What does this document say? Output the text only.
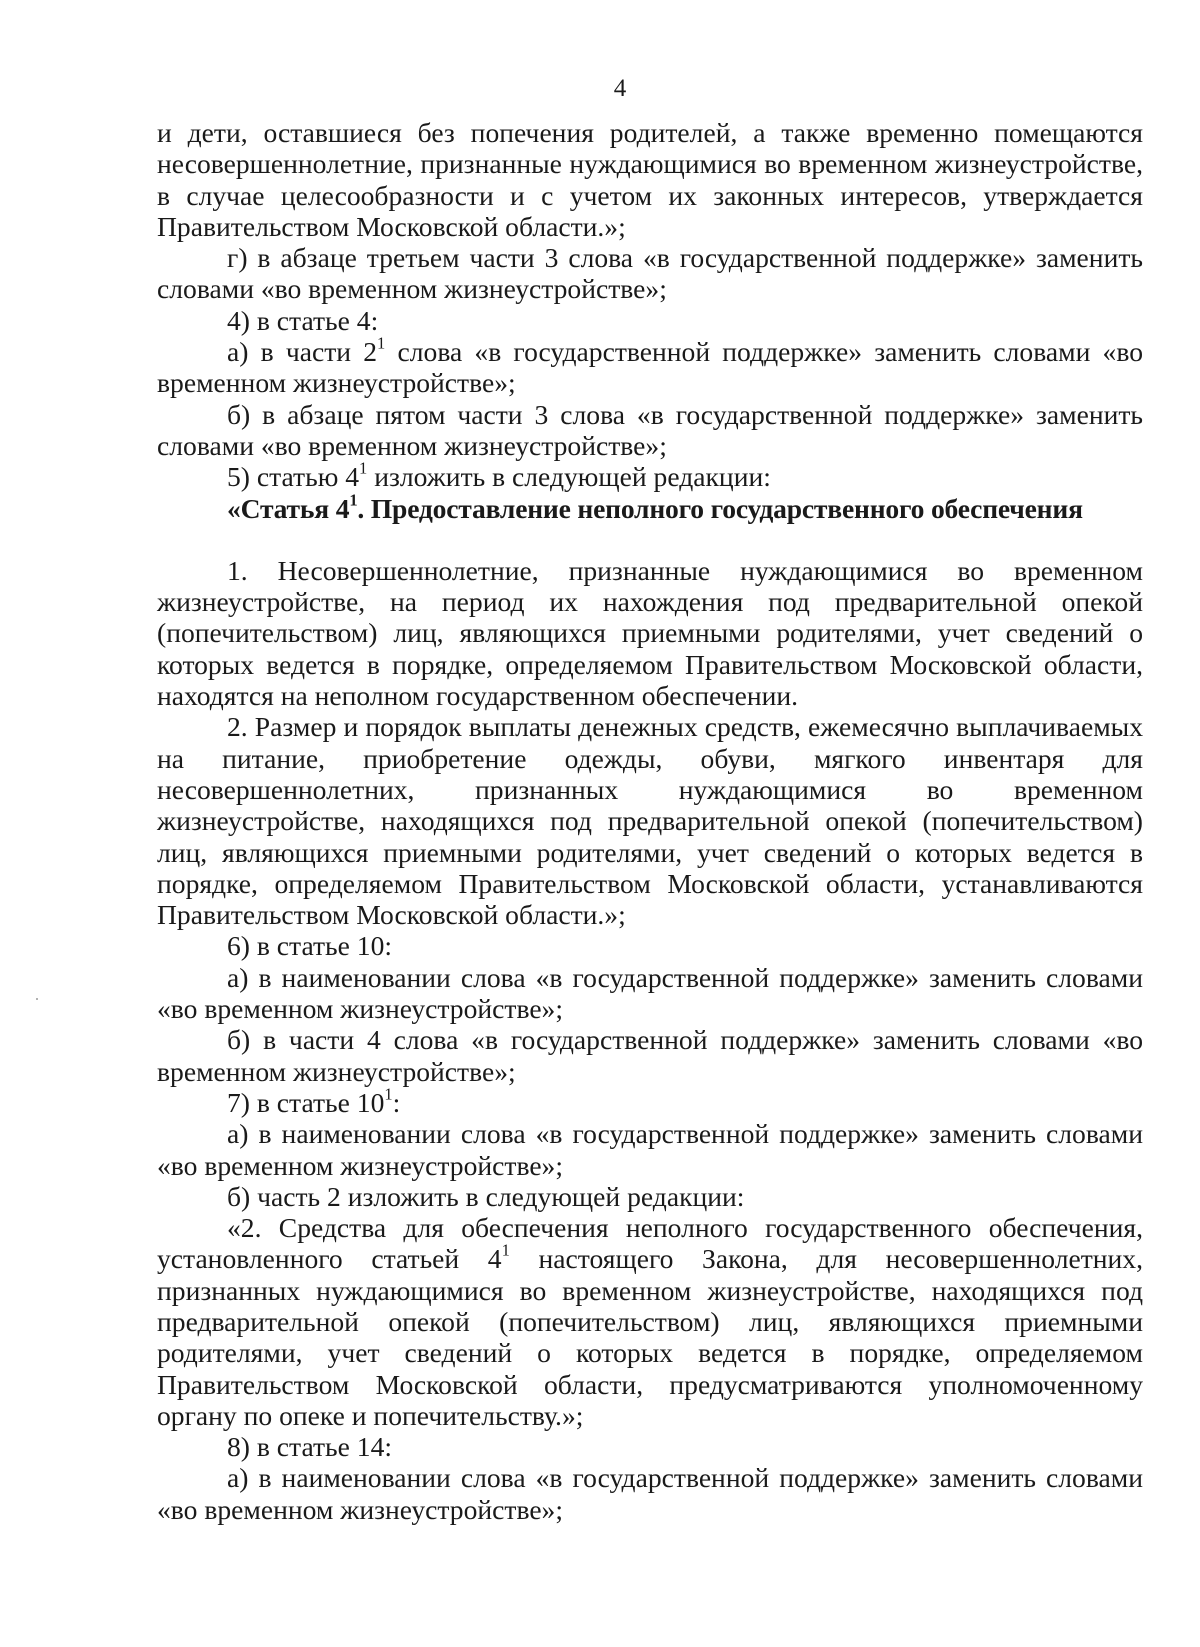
4

и дети, оставшиеся без попечения родителей, а также временно помещаются несовершеннолетние, признанные нуждающимися во временном жизнеустройстве, в случае целесообразности и с учетом их законных интересов, утверждается Правительством Московской области.»;

г) в абзаце третьем части 3 слова «в государственной поддержке» заменить словами «во временном жизнеустройстве»;

4) в статье 4:

а) в части $2^1$ слова «в государственной поддержке» заменить словами «во временном жизнеустройстве»;

б) в абзаце пятом части 3 слова «в государственной поддержке» заменить словами «во временном жизнеустройстве»;

5) статью $4^1$ изложить в следующей редакции:

«Статья $4^1$. Предоставление неполного государственного обеспечения

1. Несовершеннолетние, признанные нуждающимися во временном жизнеустройстве, на период их нахождения под предварительной опекой (попечительством) лиц, являющихся приемными родителями, учет сведений о которых ведется в порядке, определяемом Правительством Московской области, находятся на неполном государственном обеспечении.

2. Размер и порядок выплаты денежных средств, ежемесячно выплачиваемых на питание, приобретение одежды, обуви, мягкого инвентаря для несовершеннолетних, признанных нуждающимися во временном жизнеустройстве, находящихся под предварительной опекой (попечительством) лиц, являющихся приемными родителями, учет сведений о которых ведется в порядке, определяемом Правительством Московской области, устанавливаются Правительством Московской области.»;

6) в статье 10:

а) в наименовании слова «в государственной поддержке» заменить словами «во временном жизнеустройстве»;

б) в части 4 слова «в государственной поддержке» заменить словами «во временном жизнеустройстве»;

7) в статье $10^1$:

а) в наименовании слова «в государственной поддержке» заменить словами «во временном жизнеустройстве»;

б) часть 2 изложить в следующей редакции:

«2. Средства для обеспечения неполного государственного обеспечения, установленного статьей $4^1$ настоящего Закона, для несовершеннолетних, признанных нуждающимися во временном жизнеустройстве, находящихся под предварительной опекой (попечительством) лиц, являющихся приемными родителями, учет сведений о которых ведется в порядке, определяемом Правительством Московской области, предусматриваются уполномоченному органу по опеке и попечительству.»;

8) в статье 14:

а) в наименовании слова «в государственной поддержке» заменить словами «во временном жизнеустройстве»;
